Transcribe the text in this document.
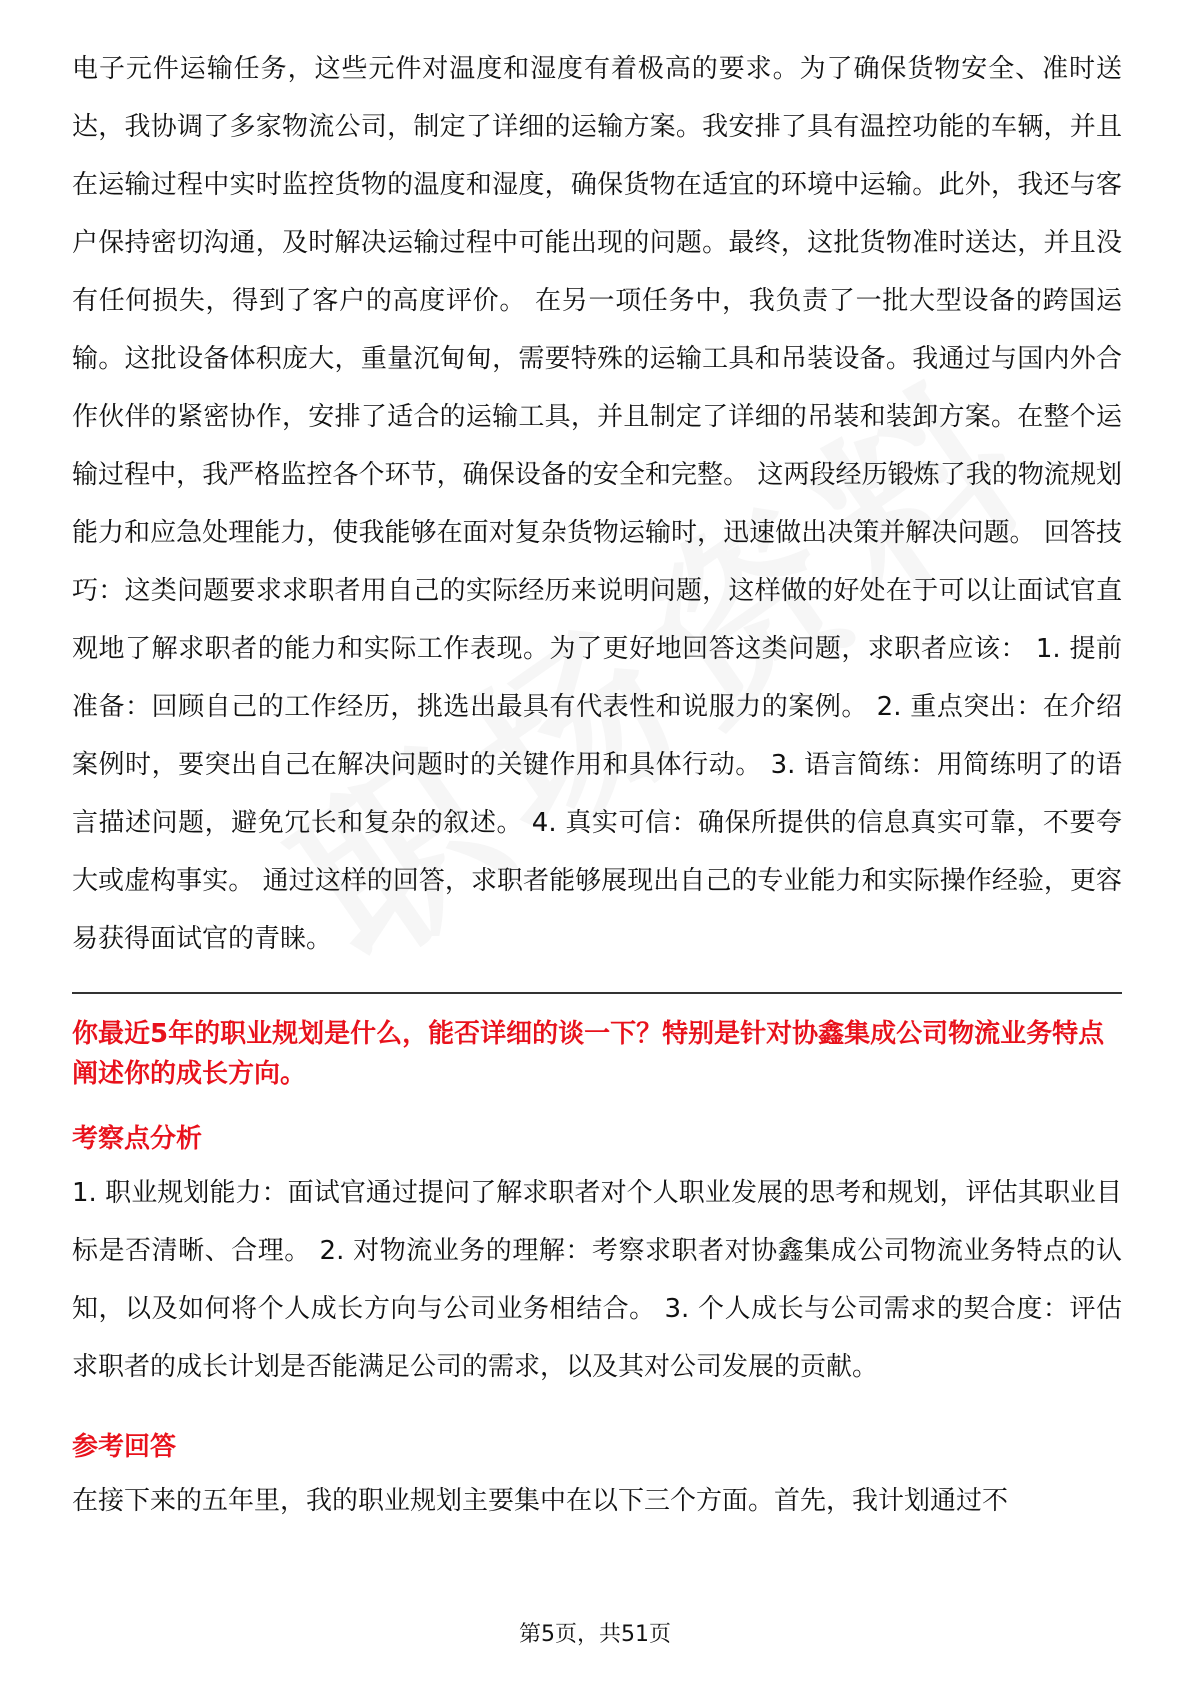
电子元件运输任务，这些元件对温度和湿度有着极高的要求。为了确保货物安全、准时送达，我协调了多家物流公司，制定了详细的运输方案。我安排了具有温控功能的车辆，并且在运输过程中实时监控货物的温度和湿度，确保货物在适宜的环境中运输。此外，我还与客户保持密切沟通，及时解决运输过程中可能出现的问题。最终，这批货物准时送达，并且没有任何损失，得到了客户的高度评价。 在另一项任务中，我负责了一批大型设备的跨国运输。这批设备体积庞大，重量沉甸甸，需要特殊的运输工具和吊装设备。我通过与国内外合作伙伴的紧密协作，安排了适合的运输工具，并且制定了详细的吊装和装卸方案。在整个运输过程中，我严格监控各个环节，确保设备的安全和完整。 这两段经历锻炼了我的物流规划能力和应急处理能力，使我能够在面对复杂货物运输时，迅速做出决策并解决问题。 回答技巧：这类问题要求求职者用自己的实际经历来说明问题，这样做的好处在于可以让面试官直观地了解求职者的能力和实际工作表现。为了更好地回答这类问题，求职者应该： 1. 提前准备：回顾自己的工作经历，挑选出最具有代表性和说服力的案例。 2. 重点突出：在介绍案例时，要突出自己在解决问题时的关键作用和具体行动。 3. 语言简练：用简练明了的语言描述问题，避免冗长和复杂的叙述。 4. 真实可信：确保所提供的信息真实可靠，不要夸大或虚构事实。 通过这样的回答，求职者能够展现出自己的专业能力和实际操作经验，更容易获得面试官的青睐。

你最近5年的职业规划是什么，能否详细的谈一下？特别是针对协鑫集成公司物流业务特点阐述你的成长方向。

考察点分析

1. 职业规划能力：面试官通过提问了解求职者对个人职业发展的思考和规划，评估其职业目标是否清晰、合理。 2. 对物流业务的理解：考察求职者对协鑫集成公司物流业务特点的认知，以及如何将个人成长方向与公司业务相结合。 3. 个人成长与公司需求的契合度：评估求职者的成长计划是否能满足公司的需求，以及其对公司发展的贡献。

参考回答

在接下来的五年里，我的职业规划主要集中在以下三个方面。首先，我计划通过不

第5页，共51页
